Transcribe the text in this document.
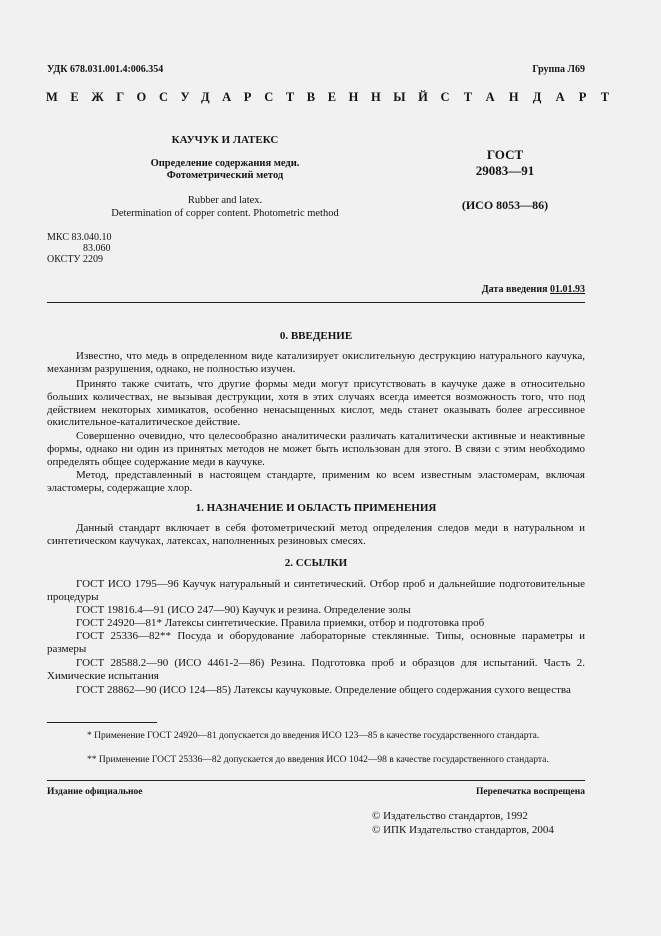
УДК 678.031.001.4:006.354	Группа Л69
МЕЖГОСУДАРСТВЕННЫЙ СТАНДАРТ
КАУЧУК И ЛАТЕКС
Определение содержания меди.
Фотометрический метод
Rubber and latex.
Determination of copper content. Photometric method
ГОСТ
29083—91
(ИСО 8053—86)
МКС 83.040.10
83.060
ОКСТУ 2209
Дата введения 01.01.93
0. ВВЕДЕНИЕ

Известно, что медь в определенном виде катализирует окислительную деструкцию натурального каучука, механизм разрушения, однако, не полностью изучен.

Принято также считать, что другие формы меди могут присутствовать в каучуке даже в относительно больших количествах, не вызывая деструкции, хотя в этих случаях всегда имеется возможность того, что под действием некоторых химикатов, особенно ненасыщенных кислот, медь станет оказывать более агрессивное окислительное-каталитическое действие.

Совершенно очевидно, что целесообразно аналитически различать каталитически активные и неактивные формы, однако ни один из принятых методов не может быть использован для этого. В связи с этим необходимо определять общее содержание меди в каучуке.

Метод, представленный в настоящем стандарте, применим ко всем известным эластомерам, включая эластомеры, содержащие хлор.

1. НАЗНАЧЕНИЕ И ОБЛАСТЬ ПРИМЕНЕНИЯ

Данный стандарт включает в себя фотометрический метод определения следов меди в натуральном и синтетическом каучуках, латексах, наполненных резиновых смесях.

2. ССЫЛКИ

ГОСТ ИСО 1795—96 Каучук натуральный и синтетический. Отбор проб и дальнейшие подготовительные процедуры

ГОСТ 19816.4—91 (ИСО 247—90) Каучук и резина. Определение золы

ГОСТ 24920—81* Латексы синтетические. Правила приемки, отбор и подготовка проб

ГОСТ 25336—82** Посуда и оборудование лабораторные стеклянные. Типы, основные параметры и размеры

ГОСТ 28588.2—90 (ИСО 4461-2—86) Резина. Подготовка проб и образцов для испытаний. Часть 2. Химические испытания

ГОСТ 28862—90 (ИСО 124—85) Латексы каучуковые. Определение общего содержания сухого вещества

* Применение ГОСТ 24920—81 допускается до введения ИСО 123—85 в качестве государственного стандарта.

** Применение ГОСТ 25336—82 допускается до введения ИСО 1042—98 в качестве государственного стандарта.

Издание официальное	Перепечатка воспрещена
© Издательство стандартов, 1992
© ИПК Издательство стандартов, 2004
